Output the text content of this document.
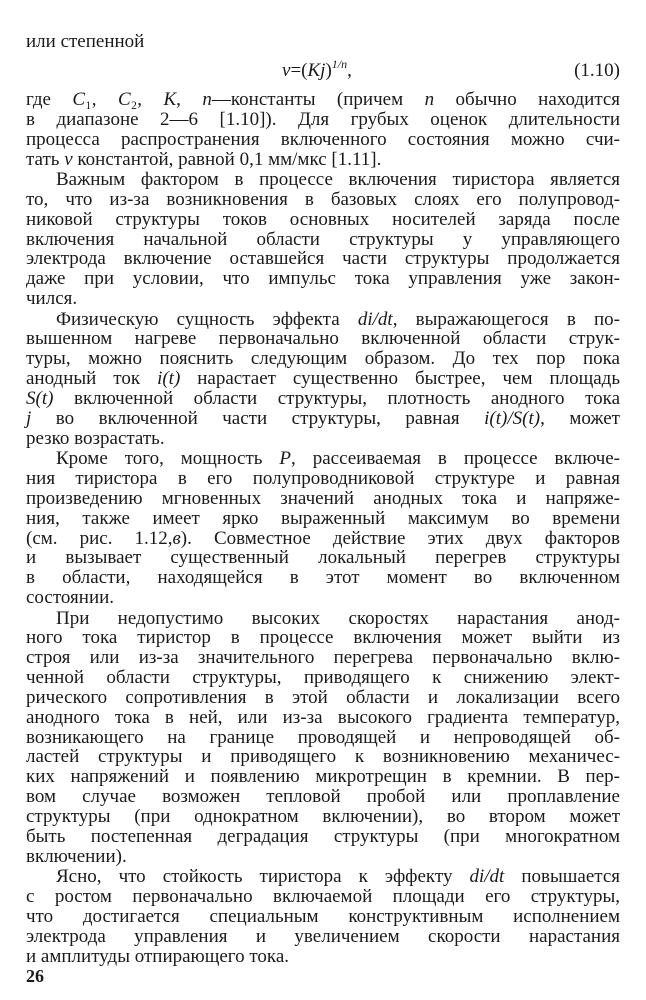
или степенной
$v=(Kj)^{1/n}$,	(1.10)
где C₁, C₂, K, n—константы (причем n обычно находится
в диапазоне 2—6 [1.10]). Для грубых оценок длительности
процесса распространения включенного состояния можно счи-
тать v константой, равной 0,1 мм/мкс [1.11].
Важным фактором в процессе включения тиристора является
то, что из-за возникновения в базовых слоях его полупровод-
никовой структуры токов основных носителей заряда после
включения начальной области структуры у управляющего
электрода включение оставшейся части структуры продолжается
даже при условии, что импульс тока управления уже закон-
чился.
Физическую сущность эффекта di/dt, выражающегося в по-
вышенном нагреве первоначально включенной области струк-
туры, можно пояснить следующим образом. До тех пор пока
анодный ток i(t) нарастает существенно быстрее, чем площадь
S(t) включенной области структуры, плотность анодного тока
j во включенной части структуры, равная i(t)/S(t), может
резко возрастать.
Кроме того, мощность P, рассеиваемая в процессе включе-
ния тиристора в его полупроводниковой структуре и равная
произведению мгновенных значений анодных тока и напряже-
ния, также имеет ярко выраженный максимум во времени
(см. рис. 1.12,в). Совместное действие этих двух факторов
и вызывает существенный локальный перегрев структуры
в области, находящейся в этот момент во включенном
состоянии.
При недопустимо высоких скоростях нарастания анод-
ного тока тиристор в процессе включения может выйти из
строя или из-за значительного перегрева первоначально вклю-
ченной области структуры, приводящего к снижению элект-
рического сопротивления в этой области и локализации всего
анодного тока в ней, или из-за высокого градиента температур,
возникающего на границе проводящей и непроводящей об-
ластей структуры и приводящего к возникновению механичес-
ких напряжений и появлению микротрещин в кремнии. В пер-
вом случае возможен тепловой пробой или проплавление
структуры (при однократном включении), во втором может
быть постепенная деградация структуры (при многократном
включении).
Ясно, что стойкость тиристора к эффекту di/dt повышается
с ростом первоначально включаемой площади его структуры,
что достигается специальным конструктивным исполнением
электрода управления и увеличением скорости нарастания
и амплитуды отпирающего тока.
26
